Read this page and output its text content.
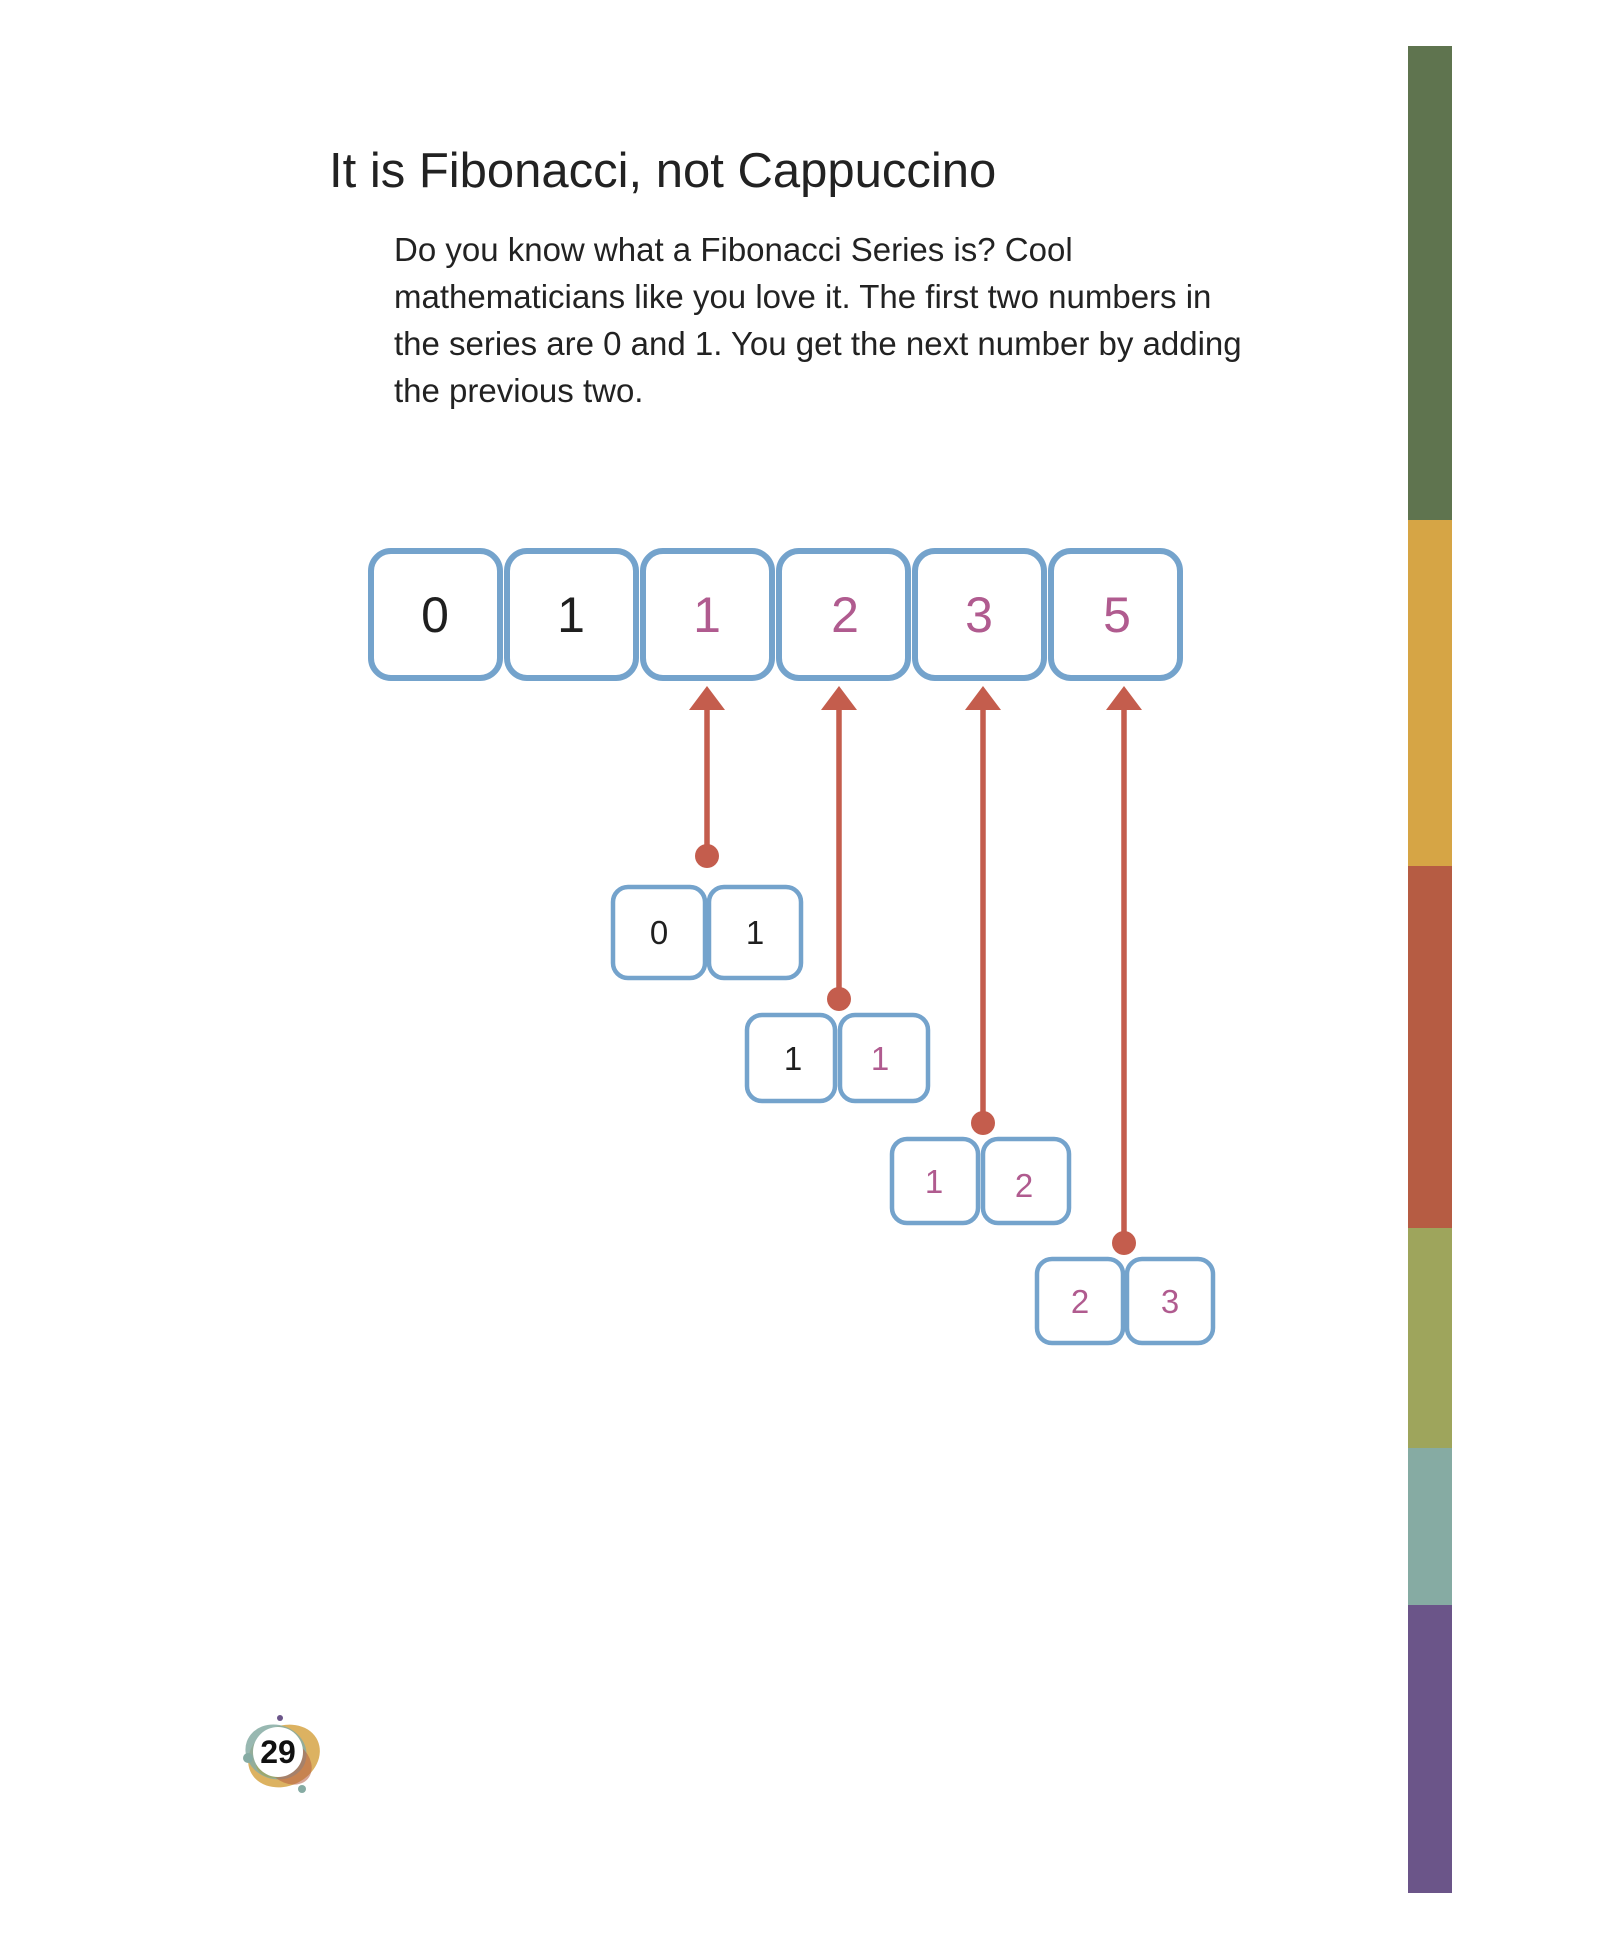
It is Fibonacci, not Cappuccino

Do you know what a Fibonacci Series is? Cool mathematicians like you love it. The first two numbers in the series are 0 and 1. You get the next number by adding the previous two.

0 1 1 2 3 5
0 1
1 1
1 2
2 3
29
